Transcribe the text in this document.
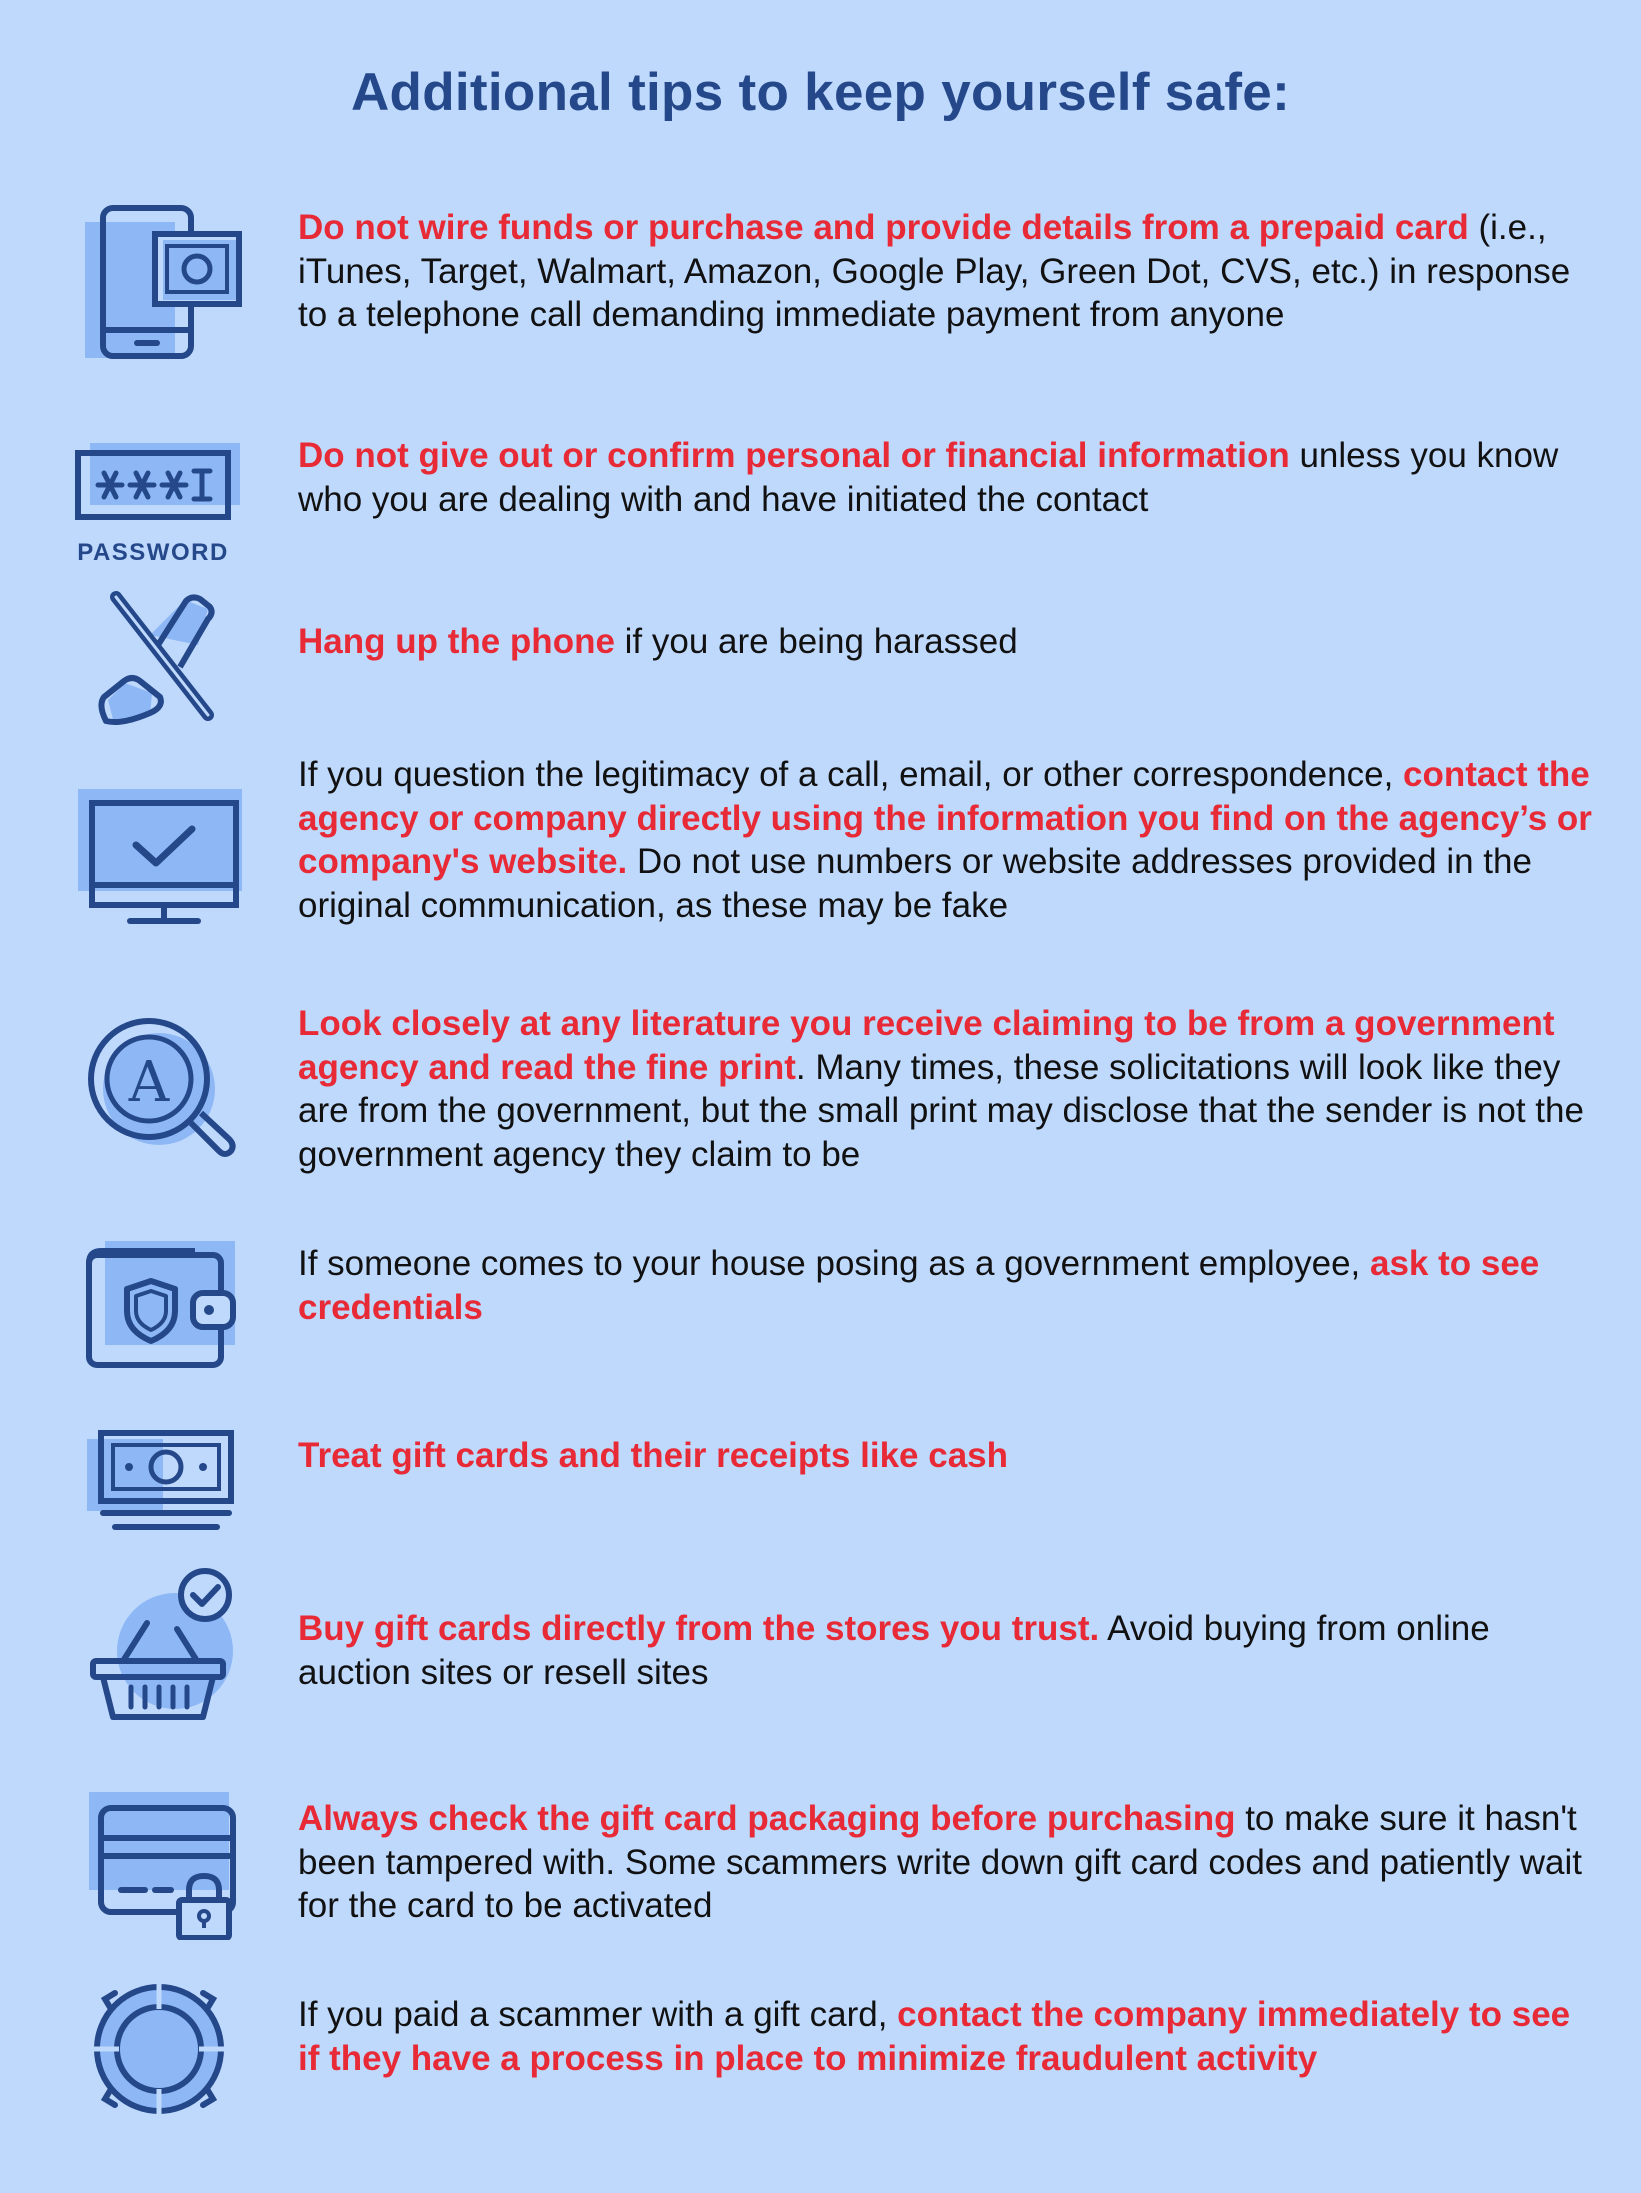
Additional tips to keep yourself safe:
Do not wire funds or purchase and provide details from a prepaid card (i.e., iTunes, Target, Walmart, Amazon, Google Play, Green Dot, CVS, etc.) in response to a telephone call demanding immediate payment from anyone
PASSWORD
Do not give out or confirm personal or financial information unless you know who you are dealing with and have initiated the contact
Hang up the phone if you are being harassed
If you question the legitimacy of a call, email, or other correspondence, contact the agency or company directly using the information you find on the agency’s or company's website. Do not use numbers or website addresses provided in the original communication, as these may be fake
A
Look closely at any literature you receive claiming to be from a government agency and read the fine print. Many times, these solicitations will look like they are from the government, but the small print may disclose that the sender is not the government agency they claim to be
If someone comes to your house posing as a government employee, ask to see credentials
Treat gift cards and their receipts like cash
Buy gift cards directly from the stores you trust. Avoid buying from online auction sites or resell sites
Always check the gift card packaging before purchasing to make sure it hasn't been tampered with. Some scammers write down gift card codes and patiently wait for the card to be activated
If you paid a scammer with a gift card, contact the company immediately to see if they have a process in place to minimize fraudulent activity
